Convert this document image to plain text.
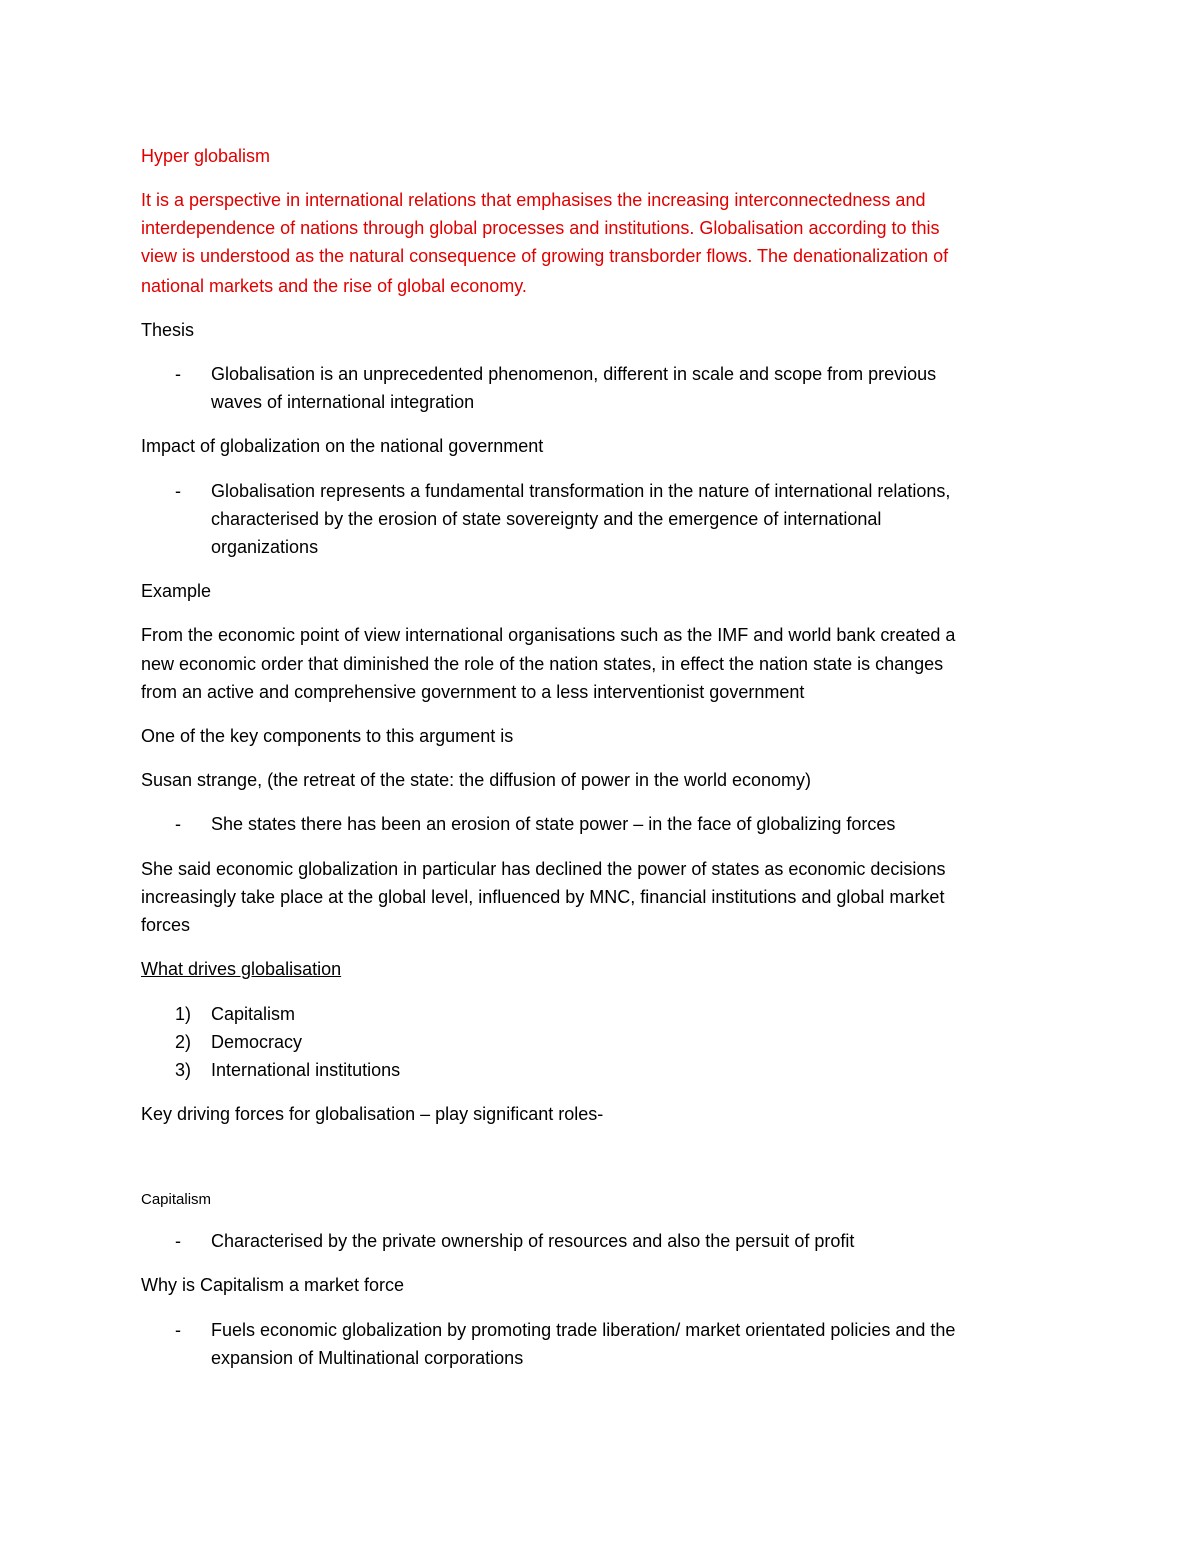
Hyper globalism
It is a perspective in international relations that emphasises the increasing interconnectedness and
interdependence of nations through global processes and institutions. Globalisation according to this
view is understood as the natural consequence of growing transborder flows. The denationalization of
national markets and the rise of global economy.
Thesis
- Globalisation is an unprecedented phenomenon, different in scale and scope from previous
waves of international integration
Impact of globalization on the national government
- Globalisation represents a fundamental transformation in the nature of international relations,
characterised by the erosion of state sovereignty and the emergence of international
organizations
Example
From the economic point of view international organisations such as the IMF and world bank created a
new economic order that diminished the role of the nation states, in effect the nation state is changes
from an active and comprehensive government to a less interventionist government
One of the key components to this argument is
Susan strange, (the retreat of the state: the diffusion of power in the world economy)
- She states there has been an erosion of state power – in the face of globalizing forces
She said economic globalization in particular has declined the power of states as economic decisions
increasingly take place at the global level, influenced by MNC, financial institutions and global market
forces
What drives globalisation
1) Capitalism
2) Democracy
3) International institutions
Key driving forces for globalisation – play significant roles-
Capitalism
- Characterised by the private ownership of resources and also the persuit of profit
Why is Capitalism a market force
- Fuels economic globalization by promoting trade liberation/ market orientated policies and the
expansion of Multinational corporations
